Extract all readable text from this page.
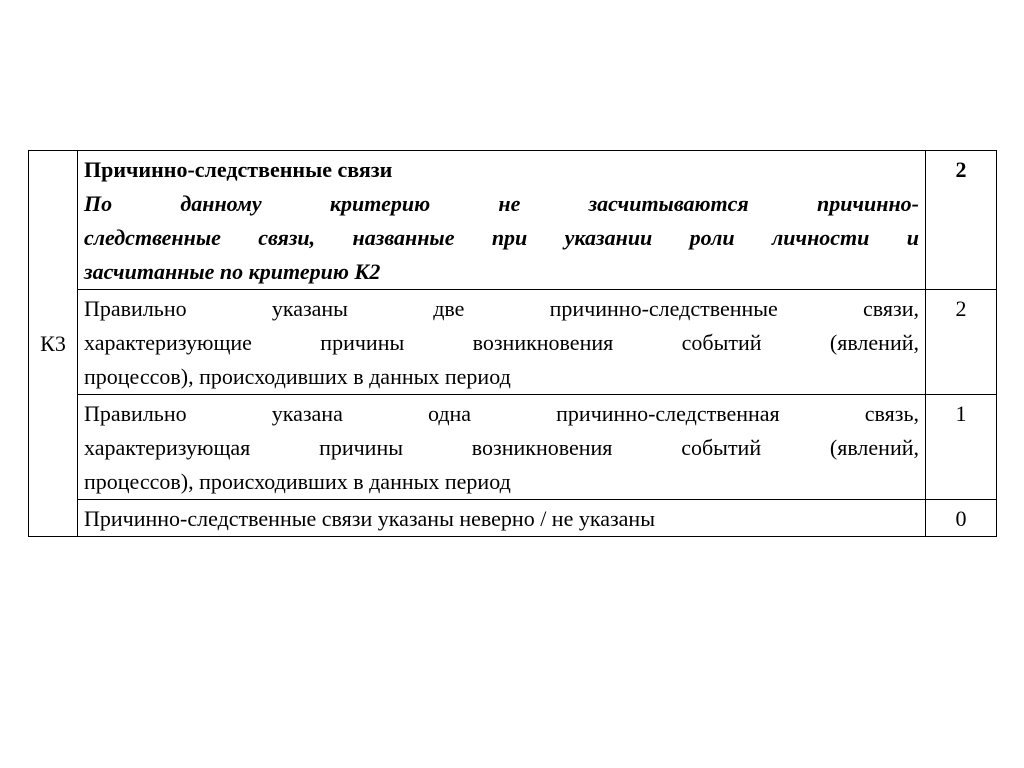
К3	Причинно-следственные связи
По данному критерию не засчитываются причинно-
следственные связи, названные при указании роли личности и
засчитанные по критерию К2	2

	Правильно указаны две причинно-следственные связи,
характеризующие причины возникновения событий (явлений,
процессов), происходивших в данных период	2

	Правильно указана одна причинно-следственная связь,
характеризующая причины возникновения событий (явлений,
процессов), происходивших в данных период	1

	Причинно-следственные связи указаны неверно / не указаны	0
